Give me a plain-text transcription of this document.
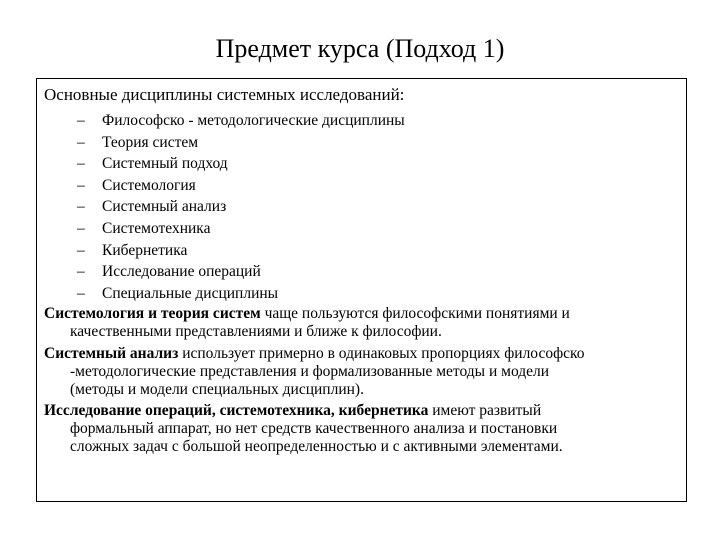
Предмет курса (Подход 1)
Основные дисциплины системных исследований:
– Философско - методологические дисциплины
– Теория систем
– Системный подход
– Системология
– Системный анализ
– Системотехника
– Кибернетика
– Исследование операций
– Специальные дисциплины
Системология и теория систем чаще пользуются философскими понятиями и
качественными представлениями и ближе к философии.
Системный анализ использует примерно в одинаковых пропорциях философско
-методологические представления и формализованные методы и модели
(методы и модели специальных дисциплин).
Исследование операций, системотехника, кибернетика имеют развитый
формальный аппарат, но нет средств качественного анализа и постановки
сложных задач с большой неопределенностью и с активными элементами.
